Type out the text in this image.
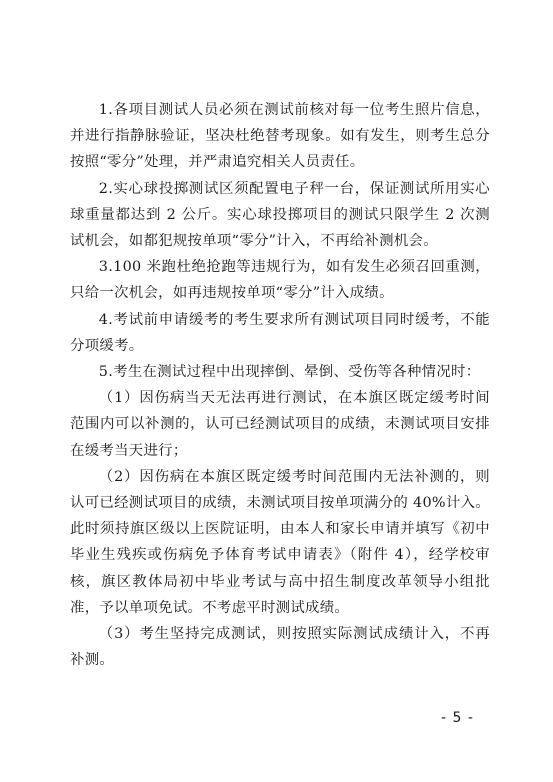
1.各项目测试人员必须在测试前核对每一位考生照片信息，并进行指静脉验证，坚决杜绝替考现象。如有发生，则考生总分按照“零分”处理，并严肃追究相关人员责任。

2.实心球投掷测试区须配置电子秤一台，保证测试所用实心球重量都达到 2 公斤。实心球投掷项目的测试只限学生 2 次测试机会，如都犯规按单项“零分”计入，不再给补测机会。

3.100 米跑杜绝抢跑等违规行为，如有发生必须召回重测，只给一次机会，如再违规按单项“零分”计入成绩。

4.考试前申请缓考的考生要求所有测试项目同时缓考，不能分项缓考。

5.考生在测试过程中出现摔倒、晕倒、受伤等各种情况时：

（1）因伤病当天无法再进行测试，在本旗区既定缓考时间范围内可以补测的，认可已经测试项目的成绩，未测试项目安排在缓考当天进行；

（2）因伤病在本旗区既定缓考时间范围内无法补测的，则认可已经测试项目的成绩，未测试项目按单项满分的 40%计入。此时须持旗区级以上医院证明，由本人和家长申请并填写《初中毕业生残疾或伤病免予体育考试申请表》（附件 4），经学校审核，旗区教体局初中毕业考试与高中招生制度改革领导小组批准，予以单项免试。不考虑平时测试成绩。

（3）考生坚持完成测试，则按照实际测试成绩计入，不再补测。

- 5 -
